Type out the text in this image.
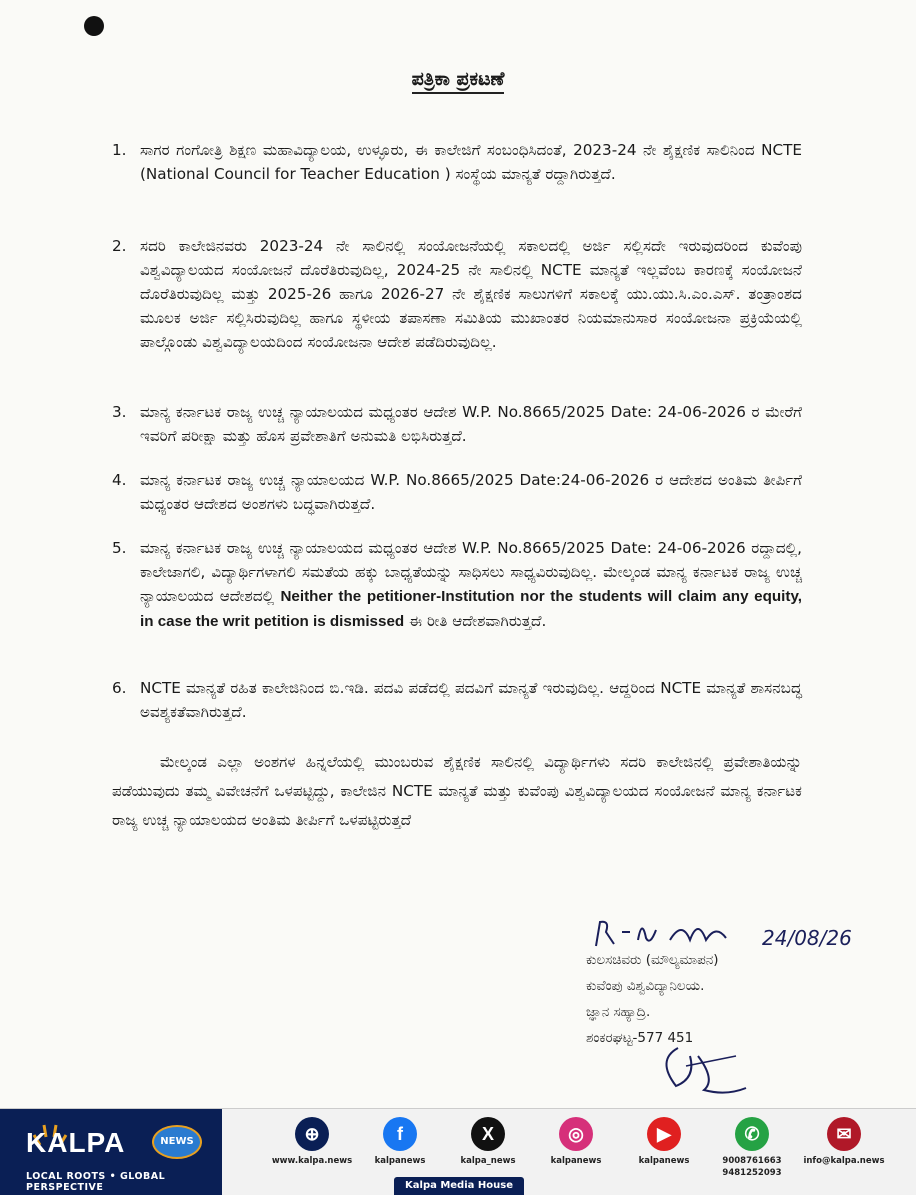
ಪತ್ರಿಕಾ ಪ್ರಕಟಣೆ
1. ಸಾಗರ ಗಂಗೋತ್ರಿ ಶಿಕ್ಷಣ ಮಹಾವಿದ್ಯಾಲಯ, ಉಳ್ಳೂರು, ಈ ಕಾಲೇಜಿಗೆ ಸಂಬಂಧಿಸಿದಂತೆ, 2023-24 ನೇ ಶೈಕ್ಷಣಿಕ ಸಾಲಿನಿಂದ NCTE (National Council for Teacher Education ) ಸಂಸ್ಥೆಯ ಮಾನ್ಯತೆ ರದ್ದಾಗಿರುತ್ತದೆ.
2. ಸದರಿ ಕಾಲೇಜಿನವರು 2023-24 ನೇ ಸಾಲಿನಲ್ಲಿ ಸಂಯೋಜನೆಯಲ್ಲಿ ಸಕಾಲದಲ್ಲಿ ಅರ್ಜಿ ಸಲ್ಲಿಸದೇ ಇರುವುದರಿಂದ ಕುವೆಂಪು ವಿಶ್ವವಿದ್ಯಾಲಯದ ಸಂಯೋಜನೆ ದೊರೆತಿರುವುದಿಲ್ಲ, 2024-25 ನೇ ಸಾಲಿನಲ್ಲಿ NCTE ಮಾನ್ಯತೆ ಇಲ್ಲವೆಂಬ ಕಾರಣಕ್ಕೆ ಸಂಯೋಜನೆ ದೊರೆತಿರುವುದಿಲ್ಲ ಮತ್ತು 2025-26 ಹಾಗೂ 2026-27 ನೇ ಶೈಕ್ಷಣಿಕ ಸಾಲುಗಳಿಗೆ ಸಕಾಲಕ್ಕೆ ಯು.ಯು.ಸಿ.ಎಂ.ಎಸ್. ತಂತ್ರಾಂಶದ ಮೂಲಕ ಅರ್ಜಿ ಸಲ್ಲಿಸಿರುವುದಿಲ್ಲ ಹಾಗೂ ಸ್ಥಳೀಯ ತಪಾಸಣಾ ಸಮಿತಿಯ ಮುಖಾಂತರ ನಿಯಮಾನುಸಾರ ಸಂಯೋಜನಾ ಪ್ರಕ್ರಿಯೆಯಲ್ಲಿ ಪಾಲ್ಗೊಂಡು ವಿಶ್ವವಿದ್ಯಾಲಯದಿಂದ ಸಂಯೋಜನಾ ಆದೇಶ ಪಡೆದಿರುವುದಿಲ್ಲ.
3. ಮಾನ್ಯ ಕರ್ನಾಟಕ ರಾಜ್ಯ ಉಚ್ಚ ನ್ಯಾಯಾಲಯದ ಮಧ್ಯಂತರ ಆದೇಶ W.P. No.8665/2025 Date: 24-06-2026 ರ ಮೇರೆಗೆ ಇವರಿಗೆ ಪರೀಕ್ಷಾ ಮತ್ತು ಹೊಸ ಪ್ರವೇಶಾತಿಗೆ ಅನುಮತಿ ಲಭಿಸಿರುತ್ತದೆ.
4. ಮಾನ್ಯ ಕರ್ನಾಟಕ ರಾಜ್ಯ ಉಚ್ಚ ನ್ಯಾಯಾಲಯದ W.P. No.8665/2025 Date:24-06-2026 ರ ಆದೇಶದ ಅಂತಿಮ ತೀರ್ಪಿಗೆ ಮಧ್ಯಂತರ ಆದೇಶದ ಅಂಶಗಳು ಬದ್ಧವಾಗಿರುತ್ತದೆ.
5. ಮಾನ್ಯ ಕರ್ನಾಟಕ ರಾಜ್ಯ ಉಚ್ಚ ನ್ಯಾಯಾಲಯದ ಮಧ್ಯಂತರ ಆದೇಶ W.P. No.8665/2025 Date: 24-06-2026 ರದ್ದಾದಲ್ಲಿ, ಕಾಲೇಜಾಗಲಿ, ವಿದ್ಯಾರ್ಥಿಗಳಾಗಲಿ ಸಮತೆಯ ಹಕ್ಕು ಬಾಧ್ಯತೆಯನ್ನು ಸಾಧಿಸಲು ಸಾಧ್ಯವಿರುವುದಿಲ್ಲ. ಮೇಲ್ಕಂಡ ಮಾನ್ಯ ಕರ್ನಾಟಕ ರಾಜ್ಯ ಉಚ್ಚ ನ್ಯಾಯಾಲಯದ ಆದೇಶದಲ್ಲಿ Neither the petitioner-Institution nor the students will claim any equity, in case the writ petition is dismissed ಈ ರೀತಿ ಆದೇಶವಾಗಿರುತ್ತದೆ.
6. NCTE ಮಾನ್ಯತೆ ರಹಿತ ಕಾಲೇಜಿನಿಂದ ಬಿ.ಇಡಿ. ಪದವಿ ಪಡೆದಲ್ಲಿ ಪದವಿಗೆ ಮಾನ್ಯತೆ ಇರುವುದಿಲ್ಲ. ಆದ್ದರಿಂದ NCTE ಮಾನ್ಯತೆ ಶಾಸನಬದ್ಧ ಅವಶ್ಯಕತೆವಾಗಿರುತ್ತದೆ.
ಮೇಲ್ಕಂಡ ಎಲ್ಲಾ ಅಂಶಗಳ ಹಿನ್ನಲೆಯಲ್ಲಿ ಮುಂಬರುವ ಶೈಕ್ಷಣಿಕ ಸಾಲಿನಲ್ಲಿ ವಿದ್ಯಾರ್ಥಿಗಳು ಸದರಿ ಕಾಲೇಜಿನಲ್ಲಿ ಪ್ರವೇಶಾತಿಯನ್ನು ಪಡೆಯುವುದು ತಮ್ಮ ವಿವೇಚನೆಗೆ ಒಳಪಟ್ಟಿದ್ದು, ಕಾಲೇಜಿನ NCTE ಮಾನ್ಯತೆ ಮತ್ತು ಕುವೆಂಪು ವಿಶ್ವವಿದ್ಯಾಲಯದ ಸಂಯೋಜನೆ ಮಾನ್ಯ ಕರ್ನಾಟಕ ರಾಜ್ಯ ಉಚ್ಚ ನ್ಯಾಯಾಲಯದ ಅಂತಿಮ ತೀರ್ಪಿಗೆ ಒಳಪಟ್ಟಿರುತ್ತದೆ
24/08/26
ಕುಲಸಚಿವರು (ಮೌಲ್ಯಮಾಪನ)
ಕುವೆಂಪು ವಿಶ್ವವಿದ್ಯಾನಿಲಯ.
ಜ್ಞಾನ ಸಹ್ಯಾದ್ರಿ.
ಶಂಕರಘಟ್ಟ-577 451
KALPA	NEWS
LOCAL ROOTS • GLOBAL PERSPECTIVE
⊕
www.kalpa.news
f
kalpanews
X
kalpa_news
◎
kalpanews
▶
kalpanews
✆
9008761663
9481252093
✉
info@kalpa.news
Kalpa Media House
